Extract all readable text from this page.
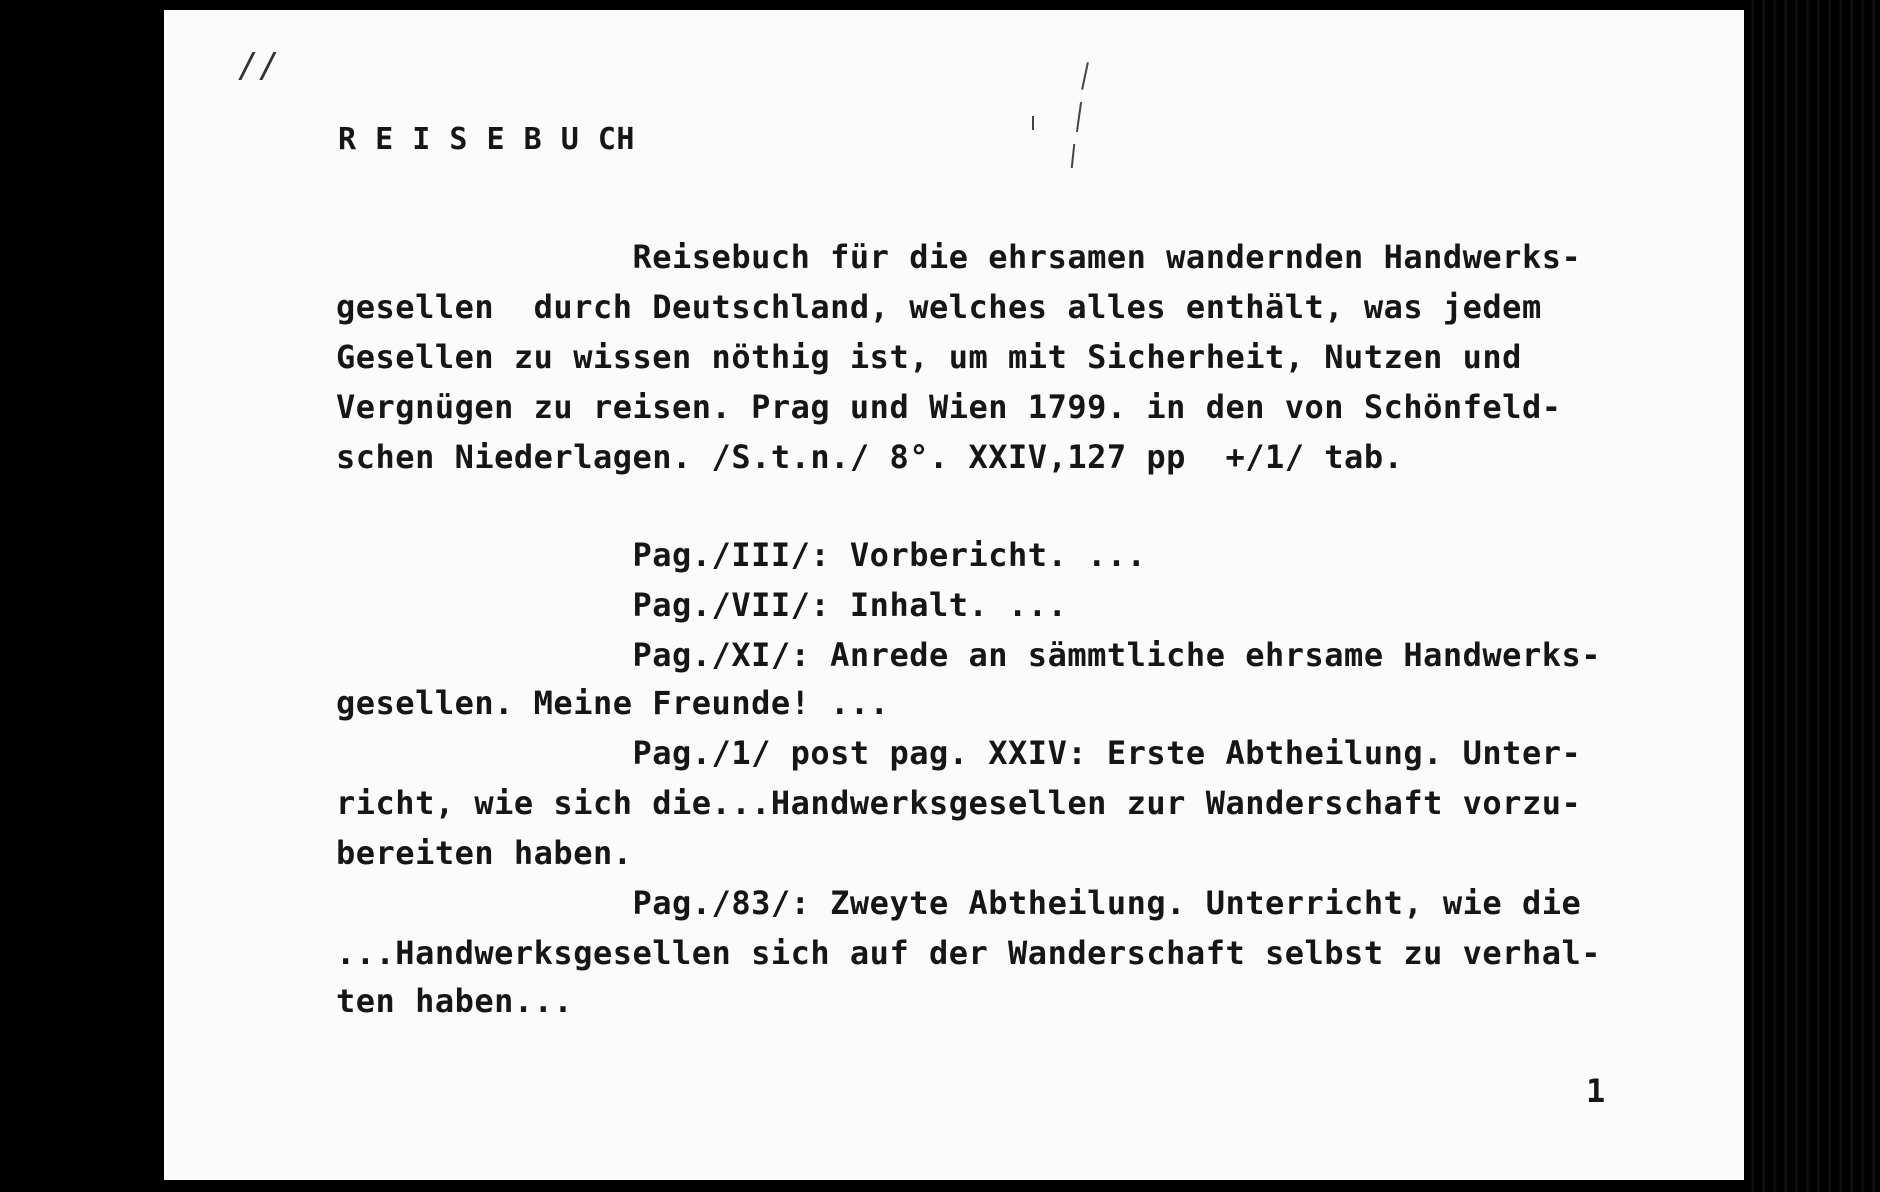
//
R E I S E B U CH
Reisebuch für die ehrsamen wandernden Handwerks-
gesellen  durch Deutschland, welches alles enthält, was jedem
Gesellen zu wissen nöthig ist, um mit Sicherheit, Nutzen und
Vergnügen zu reisen. Prag und Wien 1799. in den von Schönfeld-
schen Niederlagen. /S.t.n./ 8°. XXIV,127 pp  +/1/ tab.
Pag./III/: Vorbericht. ...
Pag./VII/: Inhalt. ...
Pag./XI/: Anrede an sämmtliche ehrsame Handwerks-
gesellen. Meine Freunde! ...
Pag./1/ post pag. XXIV: Erste Abtheilung. Unter-
richt, wie sich die...Handwerksgesellen zur Wanderschaft vorzu-
bereiten haben.
Pag./83/: Zweyte Abtheilung. Unterricht, wie die
...Handwerksgesellen sich auf der Wanderschaft selbst zu verhal-
ten haben...
1
